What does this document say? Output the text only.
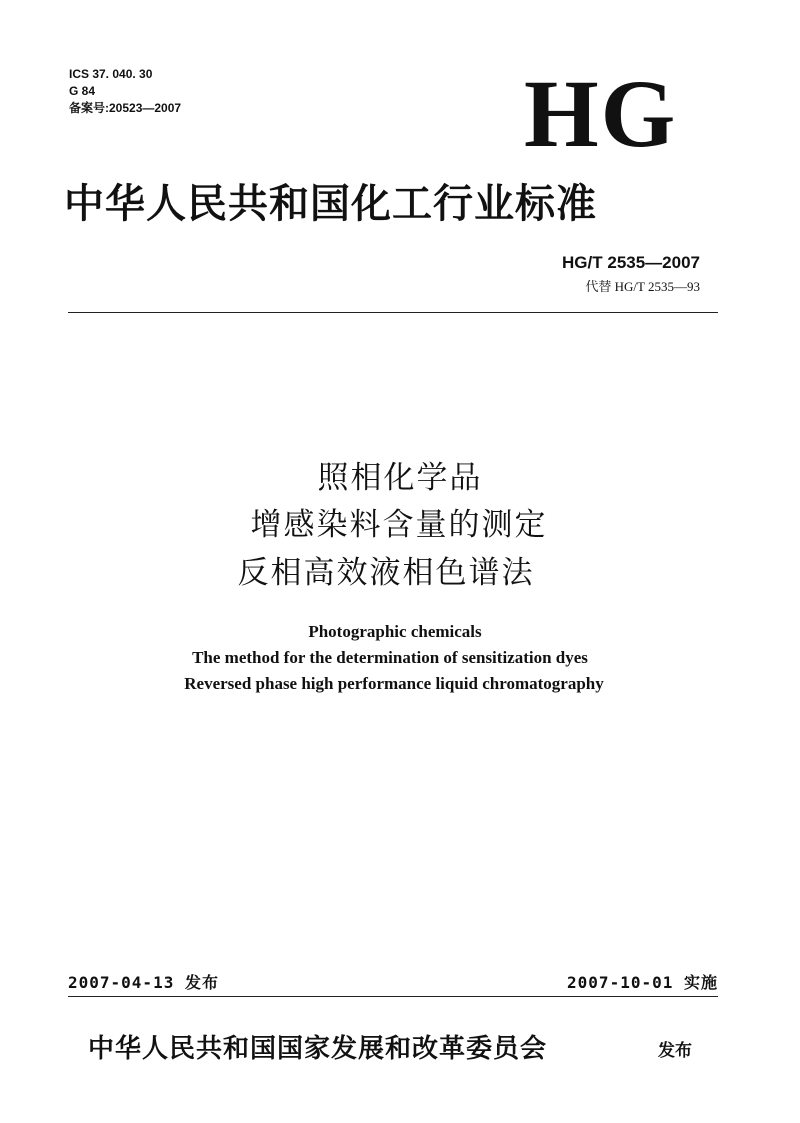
ICS 37. 040. 30
G 84
备案号:20523—2007	HG
中华人民共和国化工行业标准
HG/T 2535—2007
代替 HG/T 2535—93
照相化学品
增感染料含量的测定
反相高效液相色谱法
Photographic chemicals
The method for the determination of sensitization dyes
Reversed phase high performance liquid chromatography
2007-04-13 发布	2007-10-01 实施
中华人民共和国国家发展和改革委员会	发布
